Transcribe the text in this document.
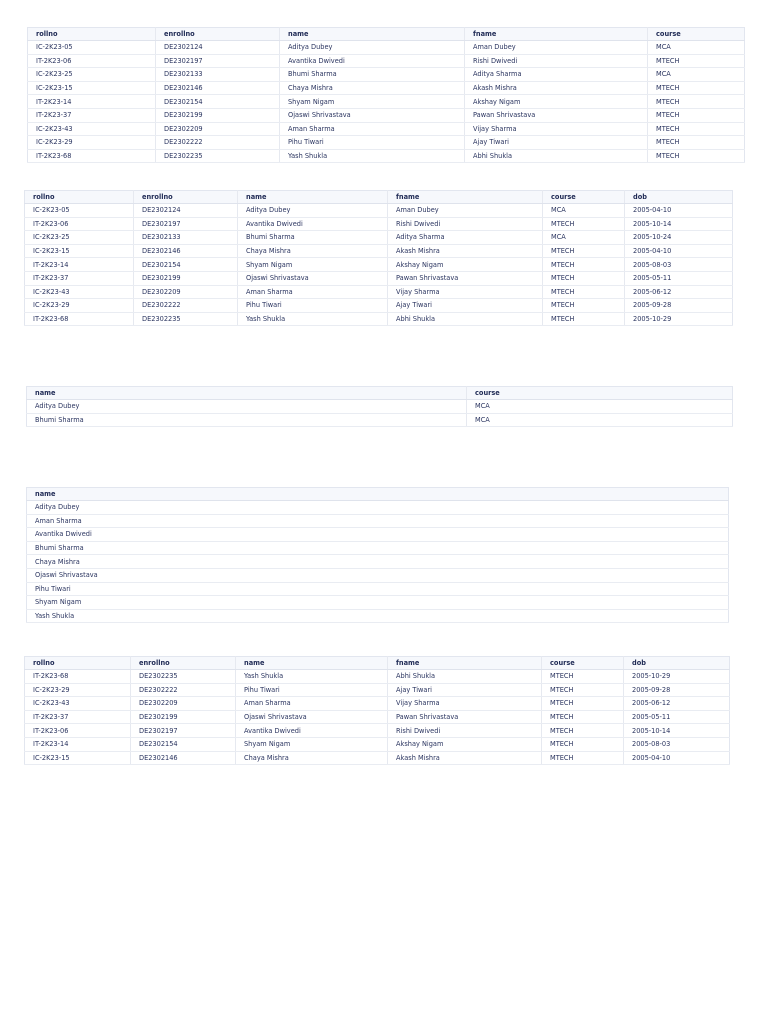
rollno	enrollno	name	fname	course
IC-2K23-05	DE2302124	Aditya Dubey	Aman Dubey	MCA
IT-2K23-06	DE2302197	Avantika Dwivedi	Rishi Dwivedi	MTECH
IC-2K23-25	DE2302133	Bhumi Sharma	Aditya Sharma	MCA
IC-2K23-15	DE2302146	Chaya Mishra	Akash Mishra	MTECH
IT-2K23-14	DE2302154	Shyam Nigam	Akshay Nigam	MTECH
IT-2K23-37	DE2302199	Ojaswi Shrivastava	Pawan Shrivastava	MTECH
IC-2K23-43	DE2302209	Aman Sharma	Vijay Sharma	MTECH
IC-2K23-29	DE2302222	Pihu Tiwari	Ajay Tiwari	MTECH
IT-2K23-68	DE2302235	Yash Shukla	Abhi Shukla	MTECH
rollno	enrollno	name	fname	course	dob
IC-2K23-05	DE2302124	Aditya Dubey	Aman Dubey	MCA	2005-04-10
IT-2K23-06	DE2302197	Avantika Dwivedi	Rishi Dwivedi	MTECH	2005-10-14
IC-2K23-25	DE2302133	Bhumi Sharma	Aditya Sharma	MCA	2005-10-24
IC-2K23-15	DE2302146	Chaya Mishra	Akash Mishra	MTECH	2005-04-10
IT-2K23-14	DE2302154	Shyam Nigam	Akshay Nigam	MTECH	2005-08-03
IT-2K23-37	DE2302199	Ojaswi Shrivastava	Pawan Shrivastava	MTECH	2005-05-11
IC-2K23-43	DE2302209	Aman Sharma	Vijay Sharma	MTECH	2005-06-12
IC-2K23-29	DE2302222	Pihu Tiwari	Ajay Tiwari	MTECH	2005-09-28
IT-2K23-68	DE2302235	Yash Shukla	Abhi Shukla	MTECH	2005-10-29
name	course
Aditya Dubey	MCA
Bhumi Sharma	MCA
name
Aditya Dubey
Aman Sharma
Avantika Dwivedi
Bhumi Sharma
Chaya Mishra
Ojaswi Shrivastava
Pihu Tiwari
Shyam Nigam
Yash Shukla
rollno	enrollno	name	fname	course	dob
IT-2K23-68	DE2302235	Yash Shukla	Abhi Shukla	MTECH	2005-10-29
IC-2K23-29	DE2302222	Pihu Tiwari	Ajay Tiwari	MTECH	2005-09-28
IC-2K23-43	DE2302209	Aman Sharma	Vijay Sharma	MTECH	2005-06-12
IT-2K23-37	DE2302199	Ojaswi Shrivastava	Pawan Shrivastava	MTECH	2005-05-11
IT-2K23-06	DE2302197	Avantika Dwivedi	Rishi Dwivedi	MTECH	2005-10-14
IT-2K23-14	DE2302154	Shyam Nigam	Akshay Nigam	MTECH	2005-08-03
IC-2K23-15	DE2302146	Chaya Mishra	Akash Mishra	MTECH	2005-04-10
